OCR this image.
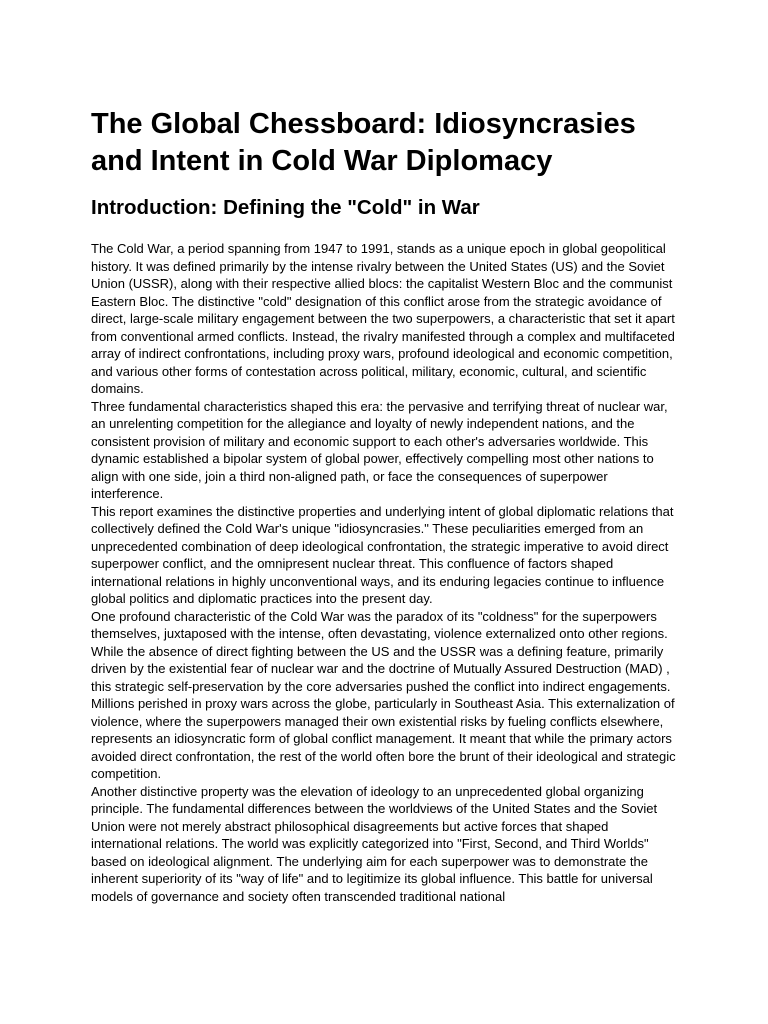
The Global Chessboard: Idiosyncrasies and Intent in Cold War Diplomacy
Introduction: Defining the "Cold" in War

The Cold War, a period spanning from 1947 to 1991, stands as a unique epoch in global geopolitical history. It was defined primarily by the intense rivalry between the United States (US) and the Soviet Union (USSR), along with their respective allied blocs: the capitalist Western Bloc and the communist Eastern Bloc. The distinctive "cold" designation of this conflict arose from the strategic avoidance of direct, large-scale military engagement between the two superpowers, a characteristic that set it apart from conventional armed conflicts. Instead, the rivalry manifested through a complex and multifaceted array of indirect confrontations, including proxy wars, profound ideological and economic competition, and various other forms of contestation across political, military, economic, cultural, and scientific domains.

Three fundamental characteristics shaped this era: the pervasive and terrifying threat of nuclear war, an unrelenting competition for the allegiance and loyalty of newly independent nations, and the consistent provision of military and economic support to each other's adversaries worldwide. This dynamic established a bipolar system of global power, effectively compelling most other nations to align with one side, join a third non-aligned path, or face the consequences of superpower interference.

This report examines the distinctive properties and underlying intent of global diplomatic relations that collectively defined the Cold War's unique "idiosyncrasies." These peculiarities emerged from an unprecedented combination of deep ideological confrontation, the strategic imperative to avoid direct superpower conflict, and the omnipresent nuclear threat. This confluence of factors shaped international relations in highly unconventional ways, and its enduring legacies continue to influence global politics and diplomatic practices into the present day.

One profound characteristic of the Cold War was the paradox of its "coldness" for the superpowers themselves, juxtaposed with the intense, often devastating, violence externalized onto other regions. While the absence of direct fighting between the US and the USSR was a defining feature, primarily driven by the existential fear of nuclear war and the doctrine of Mutually Assured Destruction (MAD) , this strategic self-preservation by the core adversaries pushed the conflict into indirect engagements. Millions perished in proxy wars across the globe, particularly in Southeast Asia. This externalization of violence, where the superpowers managed their own existential risks by fueling conflicts elsewhere, represents an idiosyncratic form of global conflict management. It meant that while the primary actors avoided direct confrontation, the rest of the world often bore the brunt of their ideological and strategic competition.

Another distinctive property was the elevation of ideology to an unprecedented global organizing principle. The fundamental differences between the worldviews of the United States and the Soviet Union were not merely abstract philosophical disagreements but active forces that shaped international relations. The world was explicitly categorized into "First, Second, and Third Worlds" based on ideological alignment. The underlying aim for each superpower was to demonstrate the inherent superiority of its "way of life" and to legitimize its global influence. This battle for universal models of governance and society often transcended traditional national
